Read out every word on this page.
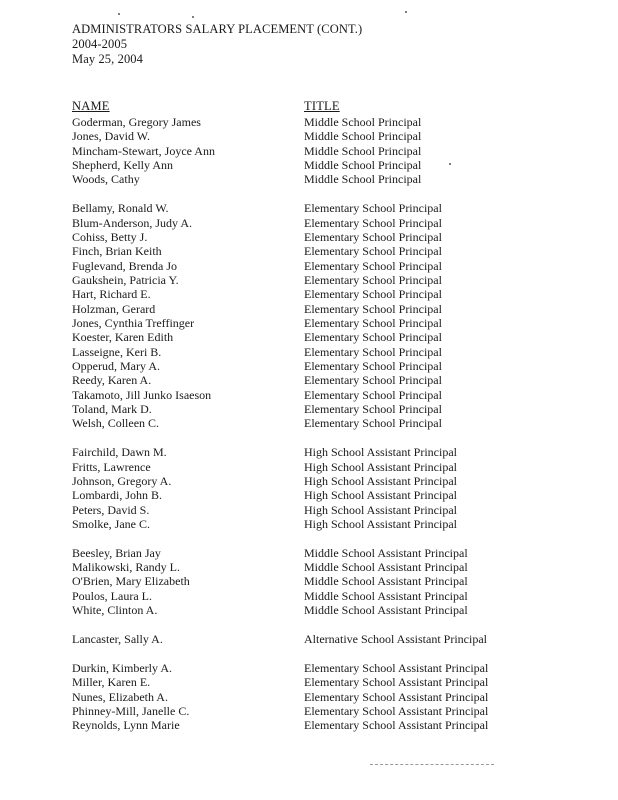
ADMINISTRATORS SALARY PLACEMENT (CONT.)
2004-2005
May 25, 2004
NAME	TITLE
Goderman, Gregory James	Middle School Principal
Jones, David W.	Middle School Principal
Mincham-Stewart, Joyce Ann	Middle School Principal
Shepherd, Kelly Ann	Middle School Principal
Woods, Cathy	Middle School Principal
Bellamy, Ronald W.	Elementary School Principal
Blum-Anderson, Judy A.	Elementary School Principal
Cohiss, Betty J.	Elementary School Principal
Finch, Brian Keith	Elementary School Principal
Fuglevand, Brenda Jo	Elementary School Principal
Gaukshein, Patricia Y.	Elementary School Principal
Hart, Richard E.	Elementary School Principal
Holzman, Gerard	Elementary School Principal
Jones, Cynthia Treffinger	Elementary School Principal
Koester, Karen Edith	Elementary School Principal
Lasseigne, Keri B.	Elementary School Principal
Opperud, Mary A.	Elementary School Principal
Reedy, Karen A.	Elementary School Principal
Takamoto, Jill Junko Isaeson	Elementary School Principal
Toland, Mark D.	Elementary School Principal
Welsh, Colleen C.	Elementary School Principal
Fairchild, Dawn M.	High School Assistant Principal
Fritts, Lawrence	High School Assistant Principal
Johnson, Gregory A.	High School Assistant Principal
Lombardi, John B.	High School Assistant Principal
Peters, David S.	High School Assistant Principal
Smolke, Jane C.	High School Assistant Principal
Beesley, Brian Jay	Middle School Assistant Principal
Malikowski, Randy L.	Middle School Assistant Principal
O'Brien, Mary Elizabeth	Middle School Assistant Principal
Poulos, Laura L.	Middle School Assistant Principal
White, Clinton A.	Middle School Assistant Principal
Lancaster, Sally A.	Alternative School Assistant Principal
Durkin, Kimberly A.	Elementary School Assistant Principal
Miller, Karen E.	Elementary School Assistant Principal
Nunes, Elizabeth A.	Elementary School Assistant Principal
Phinney-Mill, Janelle C.	Elementary School Assistant Principal
Reynolds, Lynn Marie	Elementary School Assistant Principal
